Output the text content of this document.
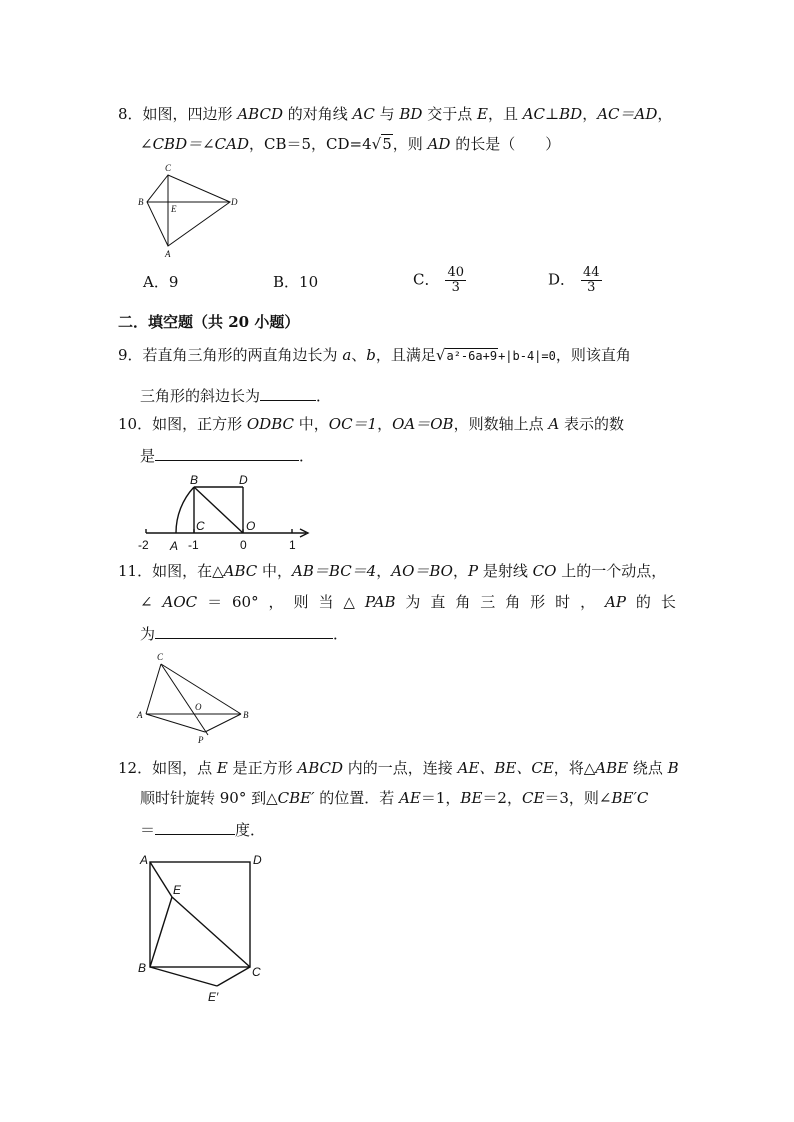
8．如图，四边形 ABCD 的对角线 AC 与 BD 交于点 E，且 AC⊥BD，AC＝AD，
∠CBD＝∠CAD，CB＝5，CD=4√5，则 AD 的长是（　　）
C
B
E
D
A
A．9	B．10	C． $\frac{40}{3}$	D． $\frac{44}{3}$
二．填空题（共 20 小题）
9．若直角三角形的两直角边长为 a、b，且满足√a²-6a+9+|b-4|=0，则该直角
三角形的斜边长为	．
10．如图，正方形 ODBC 中，OC＝1，OA＝OB，则数轴上点 A 表示的数
是	．
B	D
C	O
-2 A -1	0	1
11．如图，在△ABC 中，AB＝BC＝4，AO＝BO，P 是射线 CO 上的一个动点，
∠ AOC ＝ 60° ， 则 当 △ PAB 为 直 角 三 角 形 时 ， AP 的 长
为	．
C
O
A	B
P
12．如图，点 E 是正方形 ABCD 内的一点，连接 AE、BE、CE，将△ABE 绕点 B
顺时针旋转 90° 到△CBE′ 的位置．若 AE＝1，BE＝2，CE＝3，则∠BE′C
＝	度．
A	D
E
B	C
E′
